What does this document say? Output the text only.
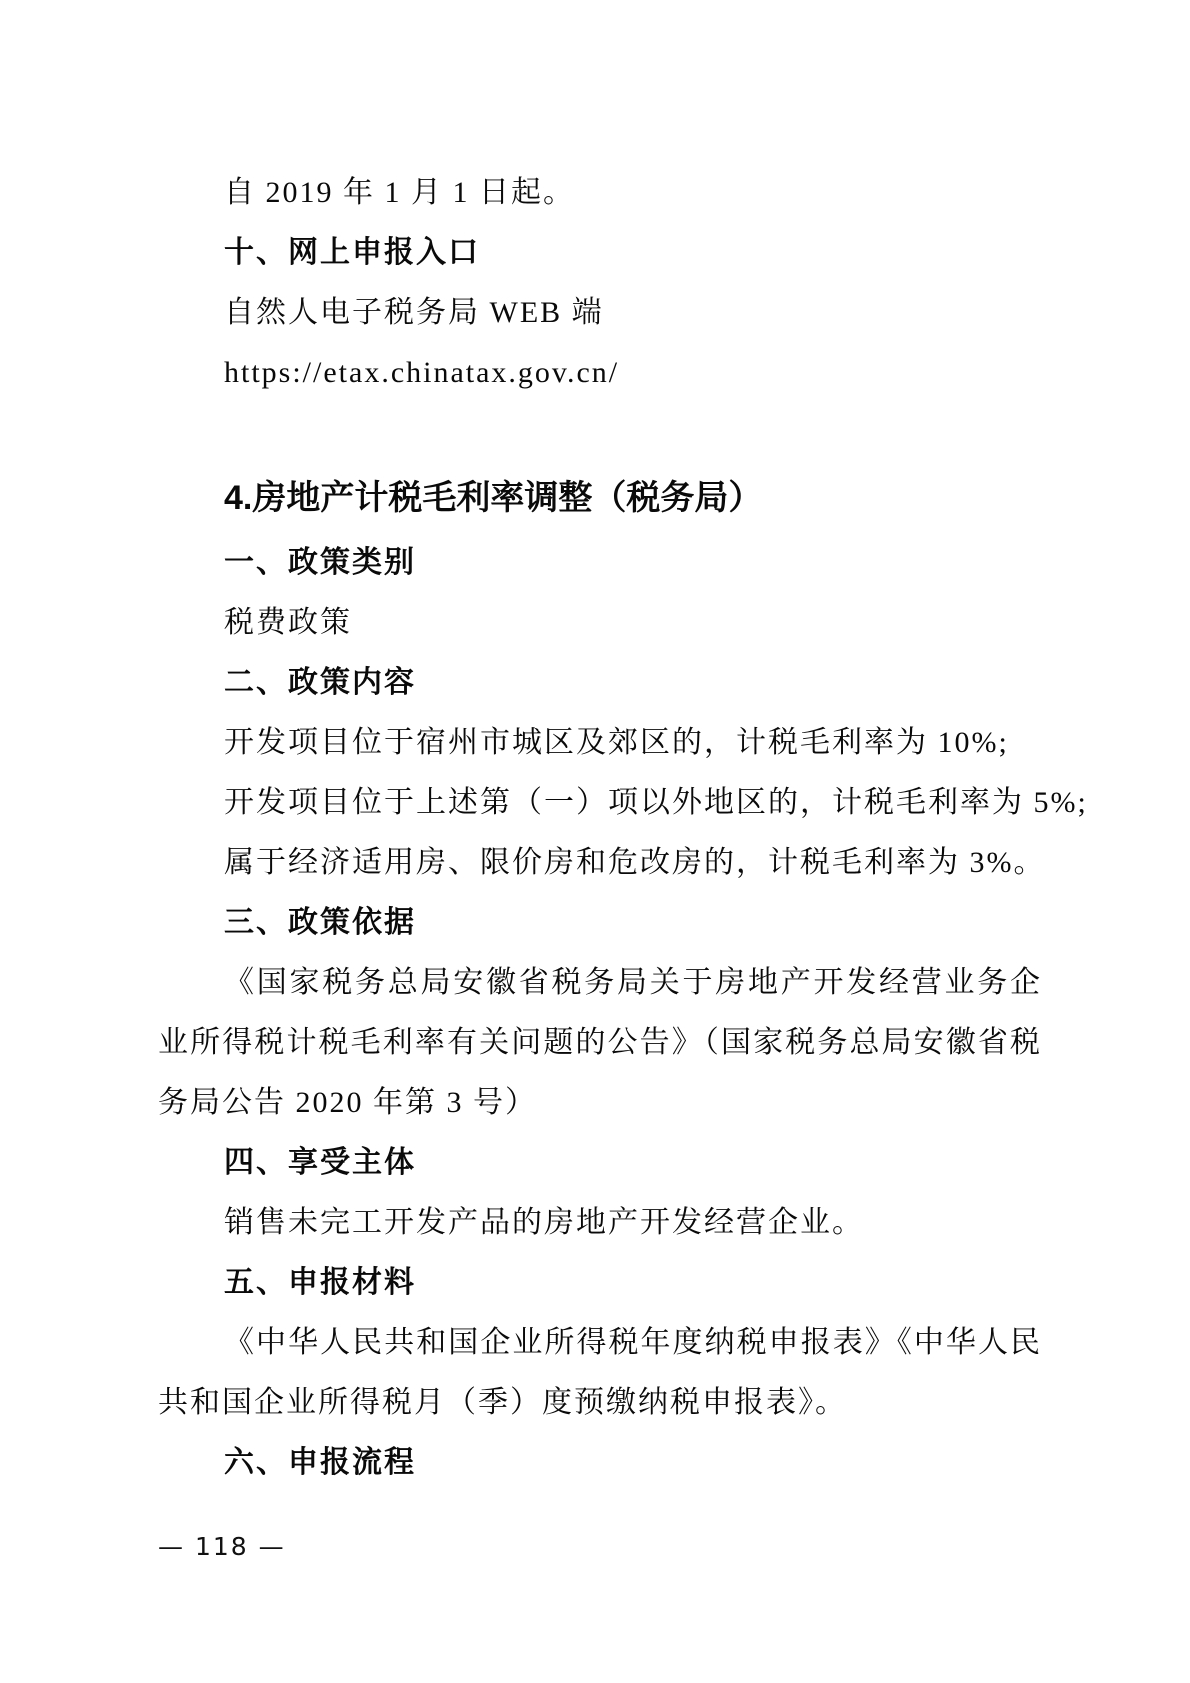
自 2019 年 1 月 1 日起。
十、网上申报入口
自然人电子税务局 WEB 端
https://etax.chinatax.gov.cn/
4.房地产计税毛利率调整（税务局）
一、政策类别
税费政策
二、政策内容
开发项目位于宿州市城区及郊区的，计税毛利率为 10%;
开发项目位于上述第（一）项以外地区的，计税毛利率为 5%;
属于经济适用房、限价房和危改房的，计税毛利率为 3%。
三、政策依据
《国家税务总局安徽省税务局关于房地产开发经营业务企
业所得税计税毛利率有关问题的公告》（国家税务总局安徽省税
务局公告 2020 年第 3 号）
四、享受主体
销售未完工开发产品的房地产开发经营企业。
五、申报材料
《中华人民共和国企业所得税年度纳税申报表》《中华人民
共和国企业所得税月（季）度预缴纳税申报表》。
六、申报流程
— 118 —
